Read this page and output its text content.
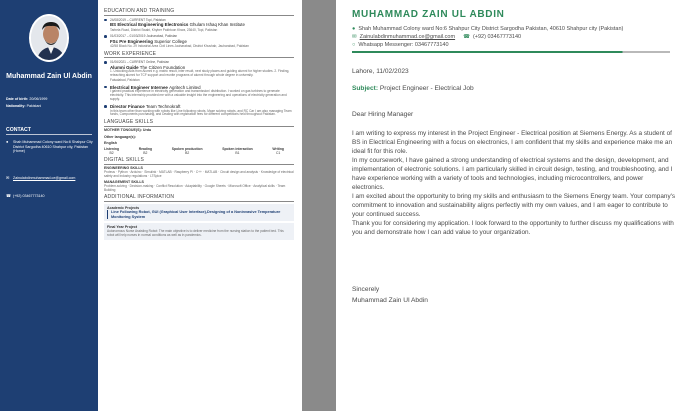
Muhammad Zain Ul Abdin
Date of birth: 20/06/1999
Nationality: Pakistani
CONTACT
●	Shah Muhammad Colony ward No:6 Shahpur City District Sargodha 40610 Shahpur city, Pakistan (Home)
✉ Zainulabdinmuhammad.ce@gmail.com
☎ (+92) 03467773140
EDUCATION AND TRAINING
24/08/2019 – CURRENT Topi, Pakistan
BS Electrical Engineering Electronics Ghulam Ishaq Khan Institute
Tarbela Road, District Swabi, Khyber Pakhtoon Khwa, 23640, Topi, Pakistan
01/03/2017 – 01/03/2019 Jauharabad, Pakistan
FSc Pre Engineering Superior College
42/58 Block No. 29 Industrial Area Civil Lines Jauharabad, District Khushab, Jauharabad, Pakistan
WORK EXPERIENCE
01/06/2021 – CURRENT Online, Pakistan
Alumni Guide The Citizen Foundation
1. Unlocking Aids from Alumni e.g. matric result, inter result, next study places and guiding alumni for higher studies. 2. Finding, reteaching alumni for TCF support and reunite programs of alumni through whole degree in university.
Faisalabad, Pakistan
Electrical Engineer Internee Agritech Limited
I gained practical experience in electricity generation and transmission/ distribution. I worked on gas turbines to generate electricity. This internship provided me with a valuable insight into the engineering and operations of electricity generation and supply.
Director Finance Team Technokraft
In this team other than working with robots like Line following robots, Maze solving robots, and RC Car I am also managing Team funds, Components purchasing, and Dealing with registration fees for different competitions held throughout Pakistan.
LANGUAGE SKILLS
MOTHER TONGUE(S): Urdu
Other language(s):
English
Listening
B2
Reading
B2
Spoken production
B2
Spoken interaction
B1
Writing
C1
DIGITAL SKILLS
ENGINEERING SKILLS
Proteus · Python · Arduino · Simulink · MATLAB · Raspberry PI · C++ · MATLAB · Circuit design and analysis · Knowledge of electrical safety and industry regulations · LTSpice
MANAGEMENT SKILLS
Problem-solving · Decision-making · Conflict Resolution · Adaptability · Google Sheets · Microsoft Office · Analytical skills · Team Building
ADDITIONAL INFORMATION
Academic Projects
Line Following Robot, GUI (Graphical User Interface),Designing of a Noninvasive Temperature Monitoring System
Final Year Project
Autonomous Nurse Assisting Robot: The main objective is to deliver medicine from the nursing station to the patient bed. This robot will help nurses in normal conditions as well as in pandemics.
MUHAMMAD ZAIN UL ABDIN
● Shah Muhammad Colony ward No:6 Shahpur City District Sargodha Pakistan, 40610 Shahpur city (Pakistan)
✉ Zainulabdinmuhammad.ce@gmail.com ☎ (+92) 03467773140
○ Whatsapp Messenger: 03467773140
Lahore, 11/02/2023
Subject: Project Engineer - Electrical Job
Dear Hiring Manager

I am writing to express my interest in the Project Engineer - Electrical position at Siemens Energy. As a student of BS in Electrical Engineering with a focus on electronics, I am confident that my skills and experience make me an ideal fit for this role.

In my coursework, I have gained a strong understanding of electrical systems and the design, development, and implementation of electronic solutions. I am particularly skilled in circuit design, testing, and troubleshooting, and I have experience working with a variety of tools and technologies, including microcontrollers, and power electronics.

I am excited about the opportunity to bring my skills and enthusiasm to the Siemens Energy team. Your company's commitment to innovation and sustainability aligns perfectly with my own values, and I am eager to contribute to your continued success.

Thank you for considering my application. I look forward to the opportunity to further discuss my qualifications with you and demonstrate how I can add value to your organization.

Sincerely
Muhammad Zain Ul Abdin
